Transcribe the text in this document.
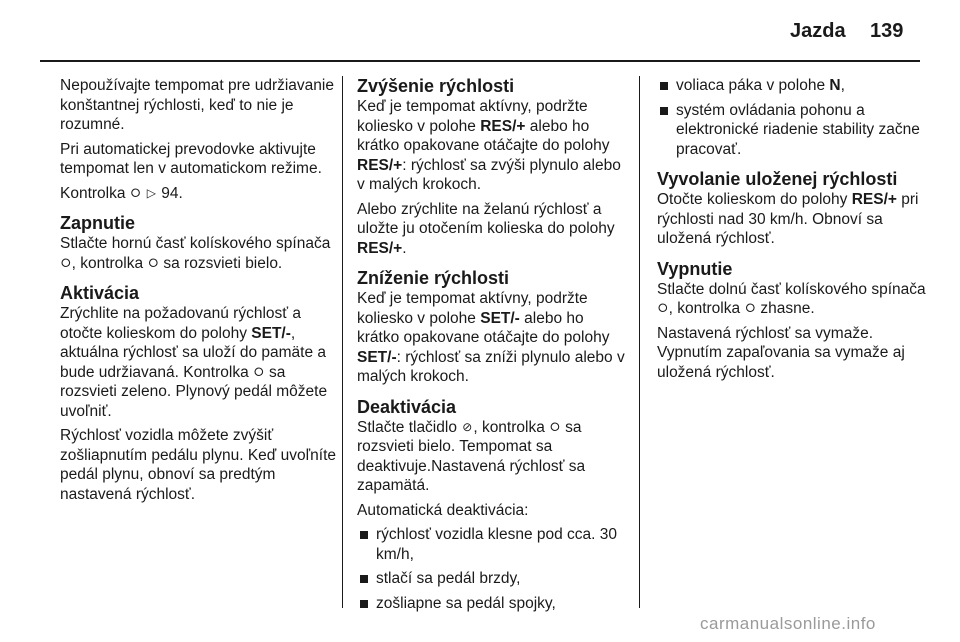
Jazda 139

Nepoužívajte tempomat pre udržiavanie konštantnej rýchlosti, keď to nie je rozumné.

Pri automatickej prevodovke aktivujte tempomat len v automatickom režime.

Kontrolka ⭘ ▷ 94.

Zapnutie

Stlačte hornú časť kolískového spínača ⭘, kontrolka ⭘ sa rozsvieti bielo.

Aktivácia

Zrýchlite na požadovanú rýchlosť a otočte kolieskom do polohy SET/-, aktuálna rýchlosť sa uloží do pamäte a bude udržiavaná. Kontrolka ⭘ sa rozsvieti zeleno. Plynový pedál môžete uvoľniť.

Rýchlosť vozidla môžete zvýšiť zošliapnutím pedálu plynu. Keď uvoľníte pedál plynu, obnoví sa predtým nastavená rýchlosť.

Zvýšenie rýchlosti

Keď je tempomat aktívny, podržte koliesko v polohe RES/+ alebo ho krátko opakovane otáčajte do polohy RES/+: rýchlosť sa zvýši plynulo alebo v malých krokoch.

Alebo zrýchlite na želanú rýchlosť a uložte ju otočením kolieska do polohy RES/+.

Zníženie rýchlosti

Keď je tempomat aktívny, podržte koliesko v polohe SET/- alebo ho krátko opakovane otáčajte do polohy SET/-: rýchlosť sa zníži plynulo alebo v malých krokoch.

Deaktivácia

Stlačte tlačidlo ⊘, kontrolka ⭘ sa rozsvieti bielo. Tempomat sa deaktivuje.Nastavená rýchlosť sa zapamätá.

Automatická deaktivácia:

rýchlosť vozidla klesne pod cca. 30 km/h,
stlačí sa pedál brzdy,
zošliapne sa pedál spojky,
voliaca páka v polohe N,
systém ovládania pohonu a elektronické riadenie stability začne pracovať.
Vyvolanie uloženej rýchlosti

Otočte kolieskom do polohy RES/+ pri rýchlosti nad 30 km/h. Obnoví sa uložená rýchlosť.

Vypnutie

Stlačte dolnú časť kolískového spínača ⭘, kontrolka ⭘ zhasne.

Nastavená rýchlosť sa vymaže. Vypnutím zapaľovania sa vymaže aj uložená rýchlosť.

carmanualsonline.info
